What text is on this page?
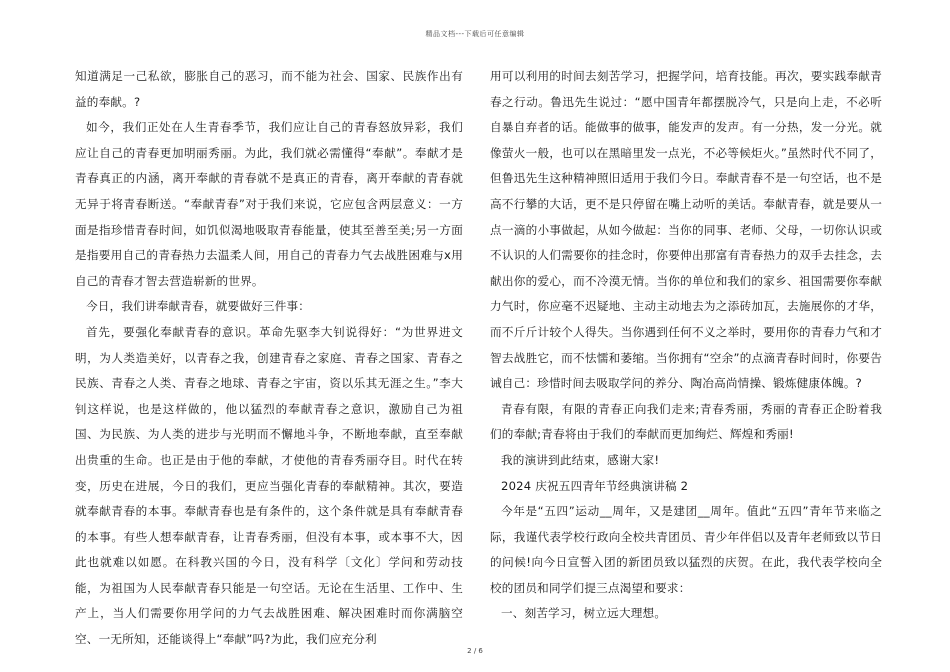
精品文档---下载后可任意编辑

知道满足一己私欲，膨胀自己的恶习，而不能为社会、国家、民族作出有益的奉献。?

如今，我们正处在人生青春季节，我们应让自己的青春怒放异彩，我们应让自己的青春更加明丽秀丽。为此，我们就必需懂得“奉献”。奉献才是青春真正的内涵，离开奉献的青春就不是真正的青春，离开奉献的青春就无异于将青春断送。“奉献青春”对于我们来说，它应包含两层意义：一方面是指珍惜青春时间，如饥似渴地吸取青春能量，使其至善至美;另一方面是指要用自己的青春热力去温柔人间，用自己的青春力气去战胜困难与x用自己的青春才智去营造崭新的世界。

今日，我们讲奉献青春，就要做好三件事：

首先，要强化奉献青春的意识。革命先驱李大钊说得好：“为世界进文明，为人类造美好，以青春之我，创建青春之家庭、青春之国家、青春之民族、青春之人类、青春之地球、青春之宇宙，资以乐其无涯之生。”李大钊这样说，也是这样做的，他以猛烈的奉献青春之意识，激励自己为祖国、为民族、为人类的进步与光明而不懈地斗争，不断地奉献，直至奉献出贵重的生命。也正是由于他的奉献，才使他的青春秀丽夺目。时代在转变，历史在进展，今日的我们，更应当强化青春的奉献精神。其次，要造就奉献青春的本事。奉献青春也是有条件的，这个条件就是具有奉献青春的本事。有些人想奉献青春，让青春秀丽，但没有本事，或本事不大，因此也就难以如愿。在科教兴国的今日，没有科学〔文化〕学问和劳动技能，为祖国为人民奉献青春只能是一句空话。无论在生活里、工作中、生产上，当人们需要你用学问的力气去战胜困难、解决困难时而你满脑空空、一无所知，还能谈得上“奉献”吗?为此，我们应充分利

用可以利用的时间去刻苦学习，把握学问，培育技能。再次，要实践奉献青春之行动。鲁迅先生说过：“愿中国青年都摆脱冷气，只是向上走，不必听自暴自弃者的话。能做事的做事，能发声的发声。有一分热，发一分光。就像萤火一般，也可以在黑暗里发一点光，不必等候炬火。”虽然时代不同了，但鲁迅先生这种精神照旧适用于我们今日。奉献青春不是一句空话，也不是高不行攀的大话，更不是只停留在嘴上动听的美话。奉献青春，就是要从一点一滴的小事做起，从如今做起：当你的同事、老师、父母，一切你认识或不认识的人们需要你的挂念时，你要伸出那富有青春热力的双手去挂念，去献出你的爱心，而不冷漠无情。当你的单位和我们的家乡、祖国需要你奉献力气时，你应毫不迟疑地、主动主动地去为之添砖加瓦，去施展你的才华，而不斤斤计较个人得失。当你遇到任何不义之举时，要用你的青春力气和才智去战胜它，而不怯懦和萎缩。当你拥有“空余”的点滴青春时间时，你要告诫自己：珍惜时间去吸取学问的养分、陶冶高尚情操、锻炼健康体魄。?

青春有限，有限的青春正向我们走来;青春秀丽，秀丽的青春正企盼着我们的奉献;青春将由于我们的奉献而更加绚烂、辉煌和秀丽!

我的演讲到此结束，感谢大家!

2024 庆祝五四青年节经典演讲稿 2

今年是“五四”运动__周年，又是建团__周年。值此“五四”青年节来临之际，我谨代表学校行政向全校共青团员、青少年伴侣以及青年老师致以节日的问候!向今日宣誓入团的新团员致以猛烈的庆贺。在此，我代表学校向全校的团员和同学们提三点渴望和要求：

一、刻苦学习，树立远大理想。

2 / 6
